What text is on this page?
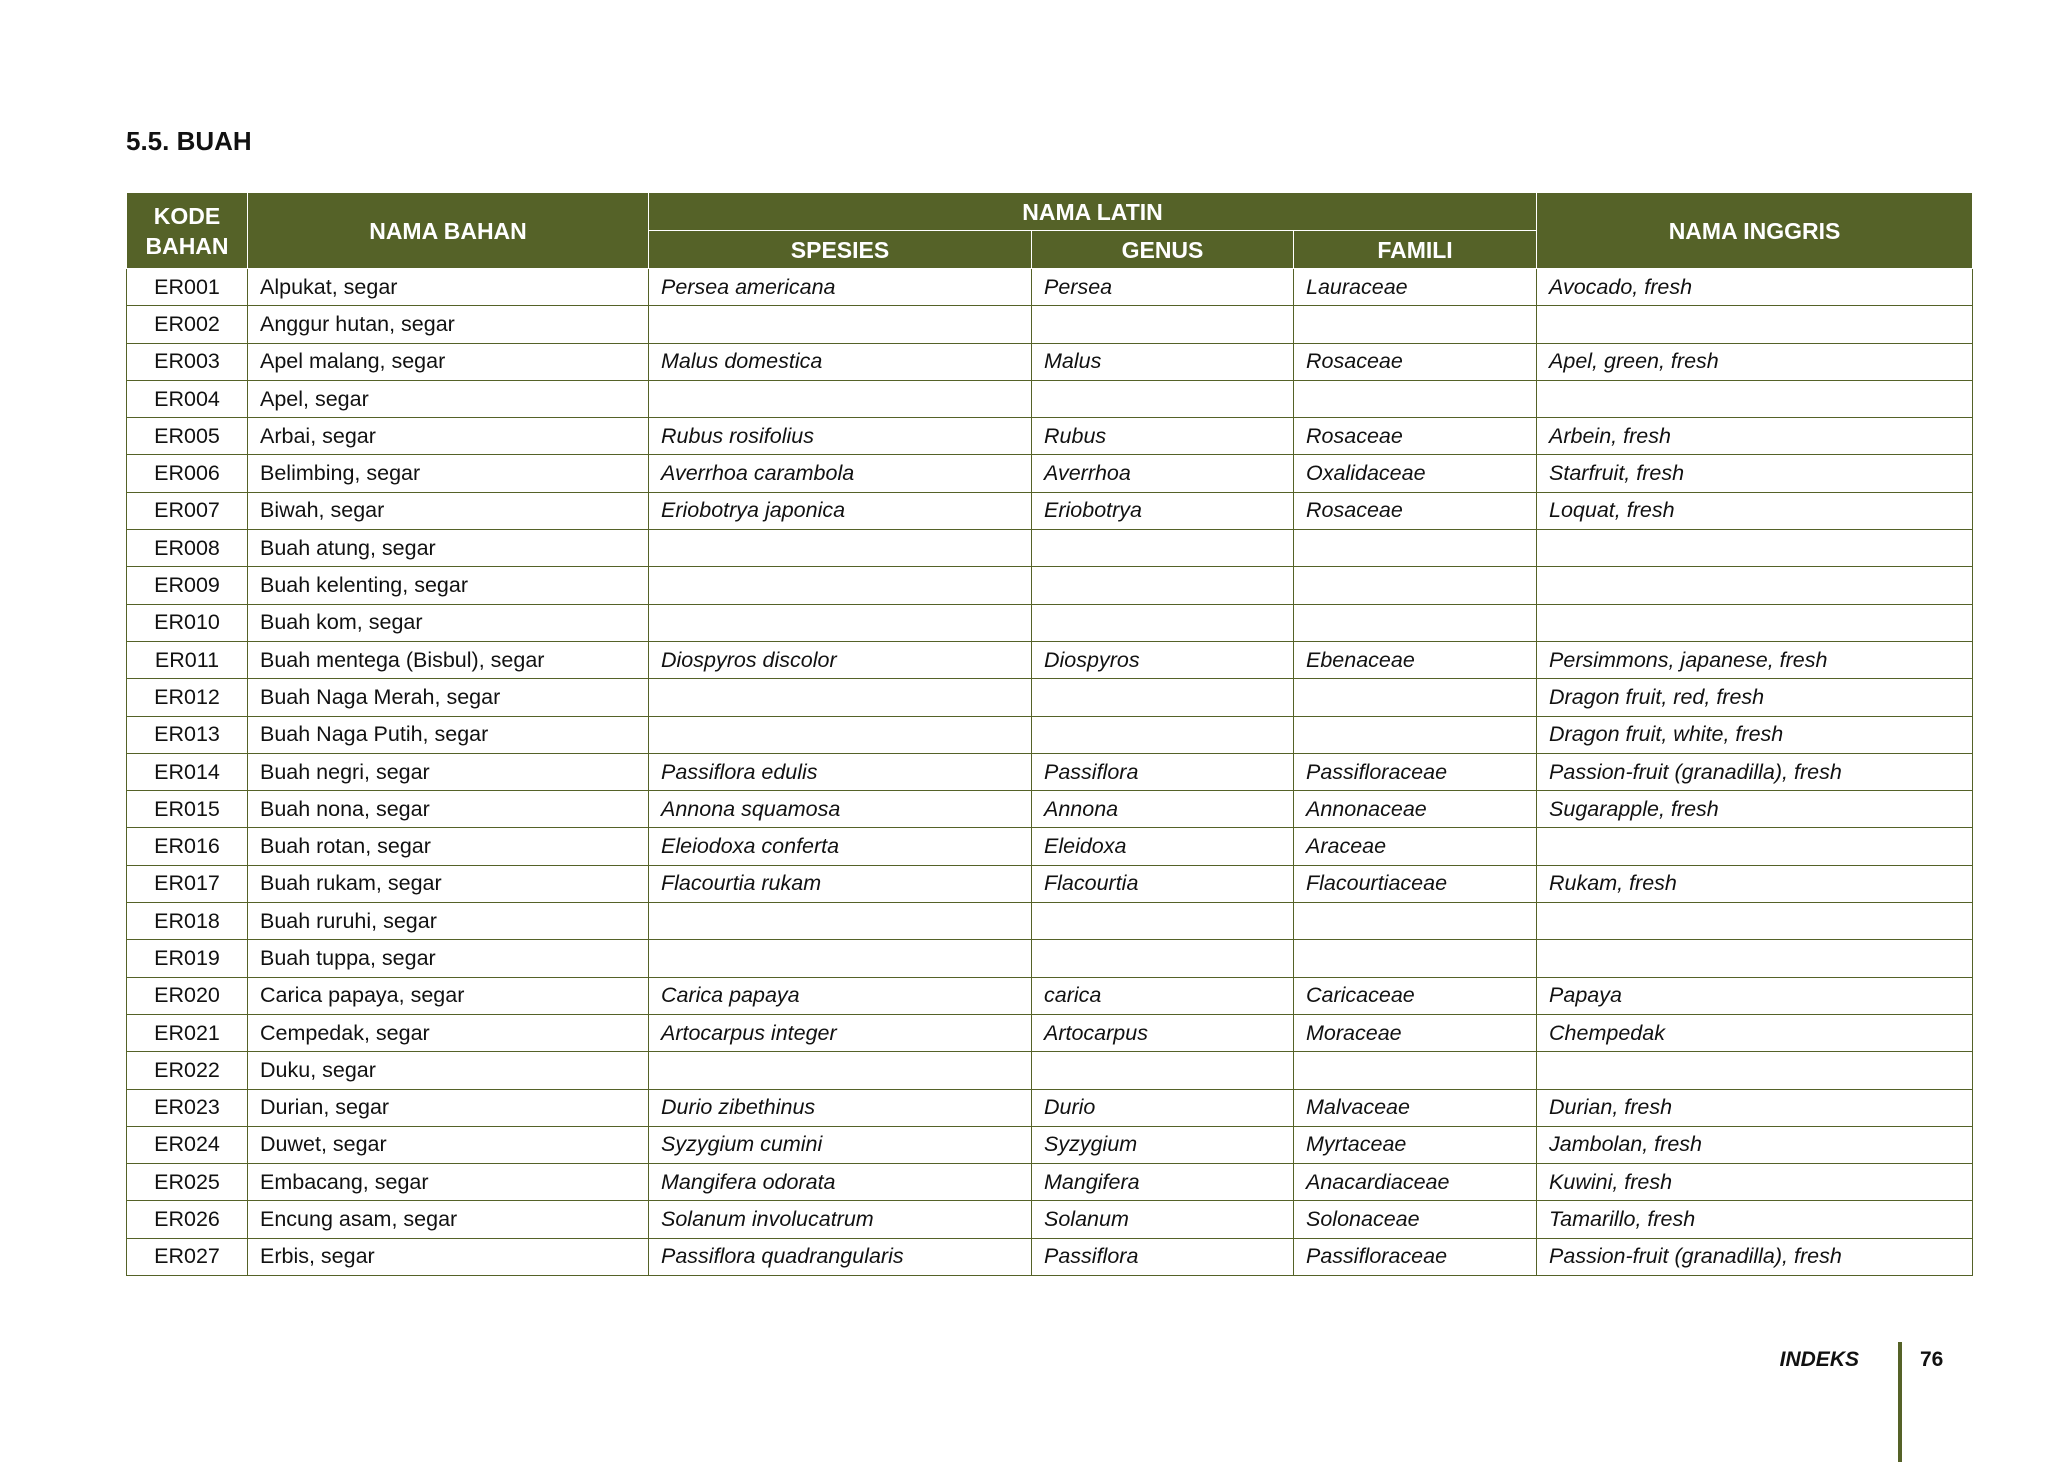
5.5. BUAH
KODE BAHAN	NAMA BAHAN	NAMA LATIN			NAMA INGGRIS
		SPESIES	GENUS	FAMILI	
ER001	Alpukat, segar	Persea americana	Persea	Lauraceae	Avocado, fresh
ER002	Anggur hutan, segar				
ER003	Apel malang, segar	Malus domestica	Malus	Rosaceae	Apel, green, fresh
ER004	Apel, segar				
ER005	Arbai, segar	Rubus rosifolius	Rubus	Rosaceae	Arbein, fresh
ER006	Belimbing, segar	Averrhoa carambola	Averrhoa	Oxalidaceae	Starfruit, fresh
ER007	Biwah, segar	Eriobotrya japonica	Eriobotrya	Rosaceae	Loquat, fresh
ER008	Buah atung, segar				
ER009	Buah kelenting, segar				
ER010	Buah kom, segar				
ER011	Buah mentega (Bisbul), segar	Diospyros discolor	Diospyros	Ebenaceae	Persimmons, japanese, fresh
ER012	Buah Naga Merah, segar				Dragon fruit, red, fresh
ER013	Buah Naga Putih, segar				Dragon fruit, white, fresh
ER014	Buah negri, segar	Passiflora edulis	Passiflora	Passifloraceae	Passion-fruit (granadilla), fresh
ER015	Buah nona, segar	Annona squamosa	Annona	Annonaceae	Sugarapple, fresh
ER016	Buah rotan, segar	Eleiodoxa conferta	Eleidoxa	Araceae	
ER017	Buah rukam, segar	Flacourtia rukam	Flacourtia	Flacourtiaceae	Rukam, fresh
ER018	Buah ruruhi, segar				
ER019	Buah tuppa, segar				
ER020	Carica papaya, segar	Carica papaya	carica	Caricaceae	Papaya
ER021	Cempedak, segar	Artocarpus integer	Artocarpus	Moraceae	Chempedak
ER022	Duku, segar				
ER023	Durian, segar	Durio zibethinus	Durio	Malvaceae	Durian, fresh
ER024	Duwet, segar	Syzygium cumini	Syzygium	Myrtaceae	Jambolan, fresh
ER025	Embacang, segar	Mangifera odorata	Mangifera	Anacardiaceae	Kuwini, fresh
ER026	Encung asam, segar	Solanum involucatrum	Solanum	Solonaceae	Tamarillo, fresh
ER027	Erbis, segar	Passiflora quadrangularis	Passiflora	Passifloraceae	Passion-fruit (granadilla), fresh
INDEKS	76
